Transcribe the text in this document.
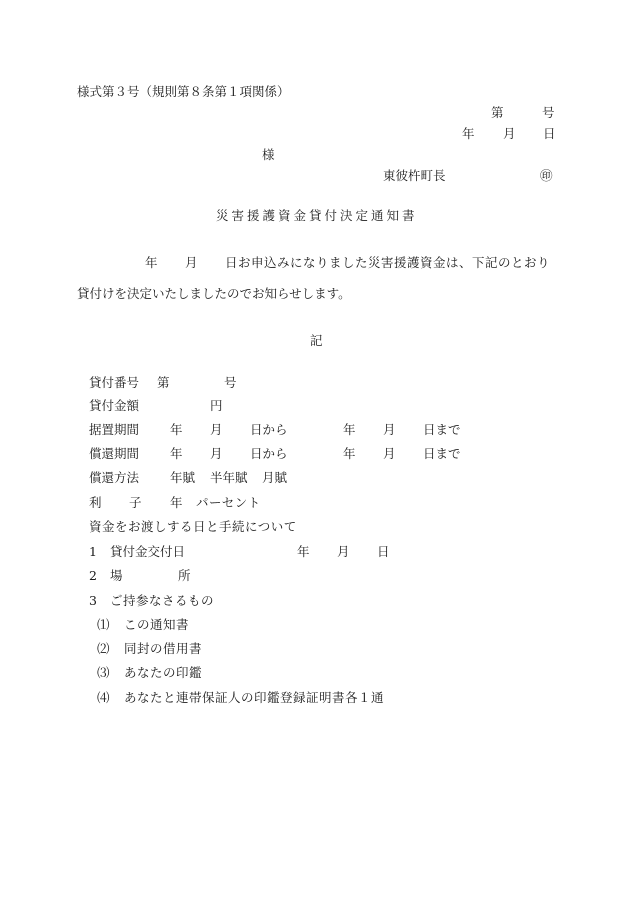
様式第３号（規則第８条第１項関係）
第	号
年 月 日
様
東彼杵町長	㊞
災害援護資金貸付決定通知書
年 月 日お申込みになりました災害援護資金は、下記のとおり
貸付けを決定いたしましたのでお知らせします。
記
貸付番号 第	号
貸付金額	円
据置期間 年 月 日から	年 月 日まで
償還期間 年 月 日から	年 月 日まで
償還方法 年賦 半年賦 月賦
利 子 年 パーセント
資金をお渡しする日と手続について
1 貸付金交付日	年 月 日
2 場	所
3 ご持参なさるもの
⑴ この通知書
⑵ 同封の借用書
⑶ あなたの印鑑
⑷ あなたと連帯保証人の印鑑登録証明書各１通
